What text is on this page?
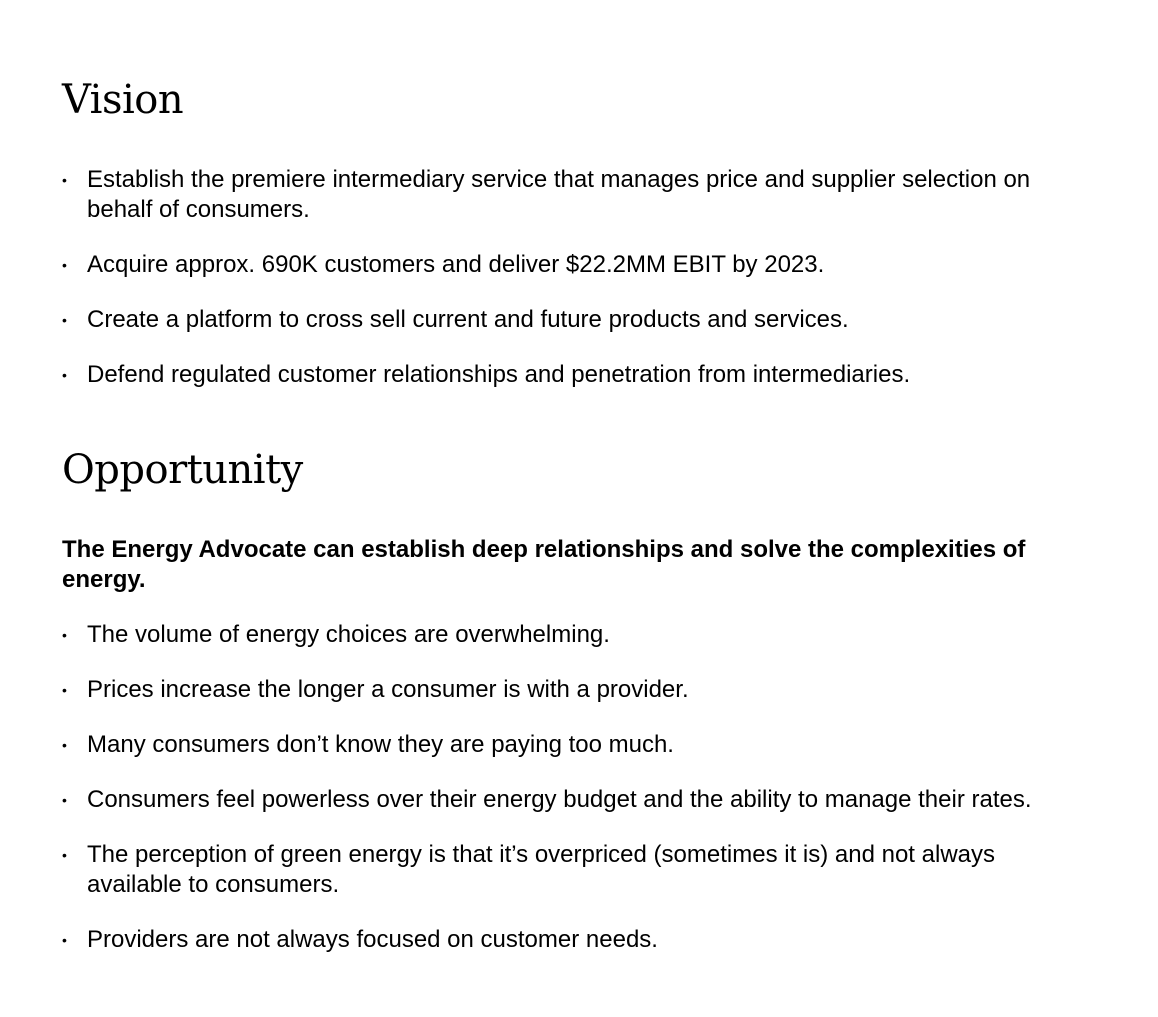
Vision
• Establish the premiere intermediary service that manages price and supplier selection on behalf of consumers.
• Acquire approx. 690K customers and deliver $22.2MM EBIT by 2023.
• Create a platform to cross sell current and future products and services.
• Defend regulated customer relationships and penetration from intermediaries.
Opportunity

The Energy Advocate can establish deep relationships and solve the complexities of energy.

• The volume of energy choices are overwhelming.
• Prices increase the longer a consumer is with a provider.
• Many consumers don’t know they are paying too much.
• Consumers feel powerless over their energy budget and the ability to manage their rates.
• The perception of green energy is that it’s overpriced (sometimes it is) and not always available to consumers.
• Providers are not always focused on customer needs.
